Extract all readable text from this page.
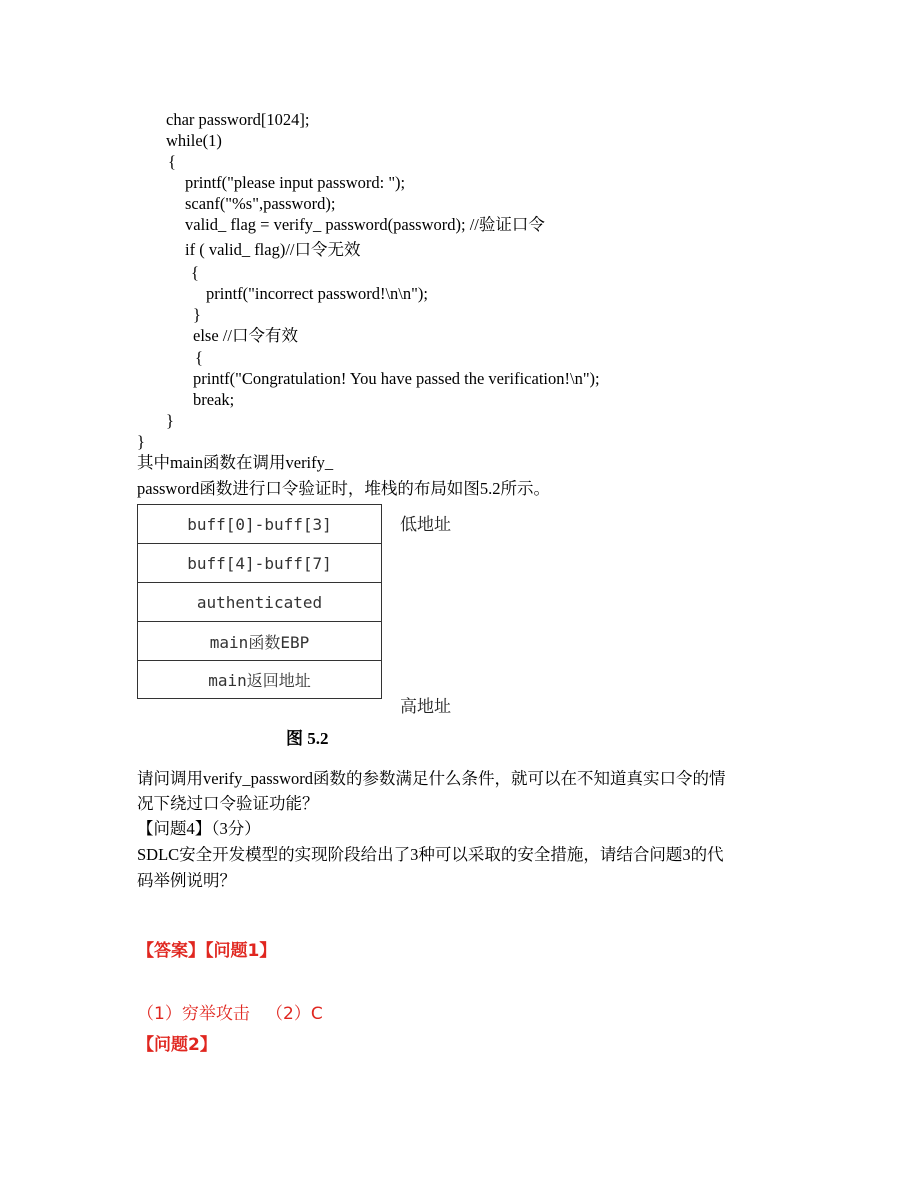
char password[1024];
while(1)
{
printf("please input password: ");
scanf("%s",password);
valid_ flag = verify_ password(password); //验证口令
if ( valid_ flag)//口令无效
{
printf("incorrect password!\n\n");
}
else //口令有效
{
printf("Congratulation! You have passed the verification!\n");
break;
}
}
其中main函数在调用verify_
password函数进行口令验证时，堆栈的布局如图5.2所示。
buff[0]-buff[3]
buff[4]-buff[7]
authenticated
main函数EBP
main返回地址
低地址
高地址
图 5.2
请问调用verify_password函数的参数满足什么条件，就可以在不知道真实口令的情
况下绕过口令验证功能？
【问题4】（3分）
SDLC安全开发模型的实现阶段给出了3种可以采取的安全措施，请结合问题3的代
码举例说明？
【答案】【问题1】
（1）穷举攻击   （2）C
【问题2】
